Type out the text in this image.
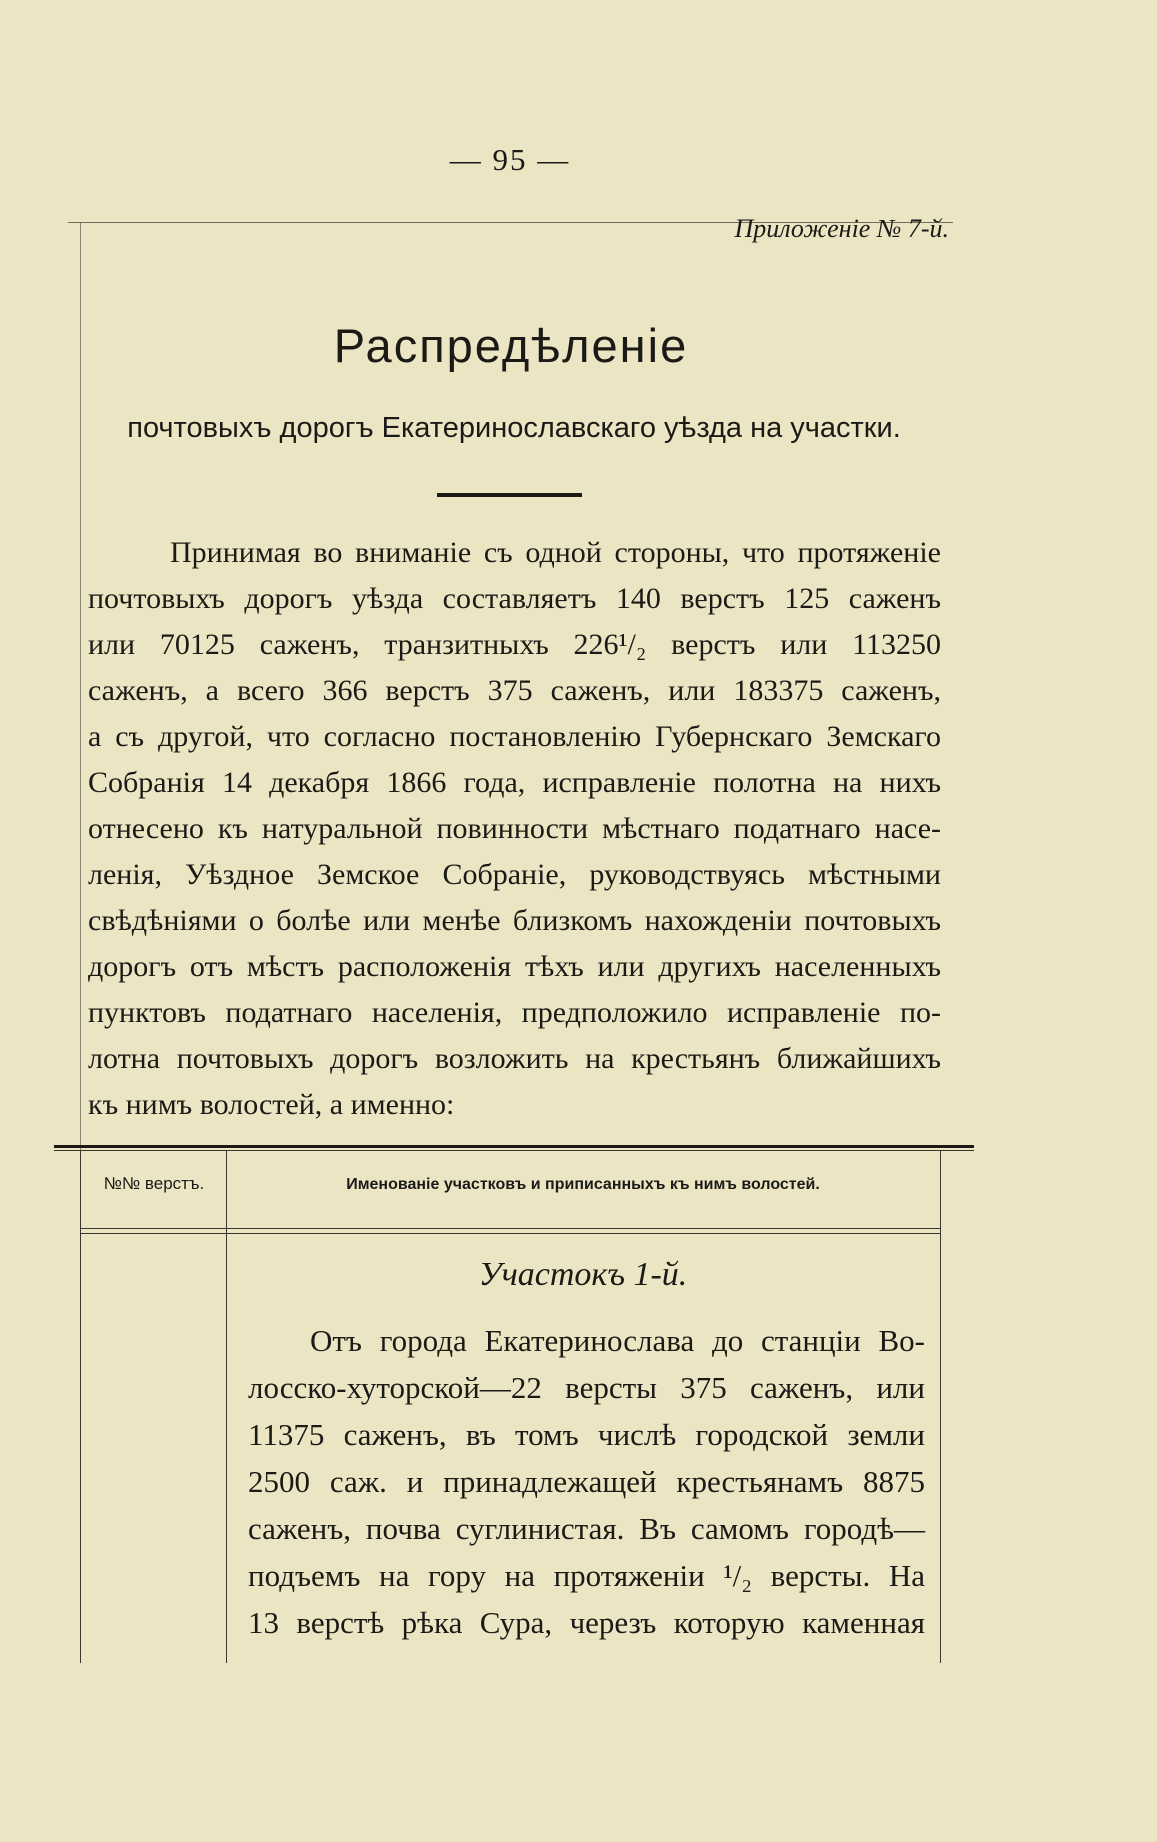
— 95 —
Приложеніе № 7-й.
Распредѣленіе
почтовыхъ дорогъ Екатеринославскаго уѣзда на участки.
Принимая во вниманіе съ одной стороны, что протяженіе
почтовыхъ дорогъ уѣзда составляетъ 140 верстъ 125 саженъ
или 70125 саженъ, транзитныхъ 226¹/₂ верстъ или 113250
саженъ, а всего 366 верстъ 375 саженъ, или 183375 саженъ,
а съ другой, что согласно постановленію Губернскаго Земскаго
Собранія 14 декабря 1866 года, исправленіе полотна на нихъ
отнесено къ натуральной повинности мѣстнаго податнаго насе-
ленія, Уѣздное Земское Собраніе, руководствуясь мѣстными
свѣдѣніями о болѣе или менѣе близкомъ нахожденіи почтовыхъ
дорогъ отъ мѣстъ расположенія тѣхъ или другихъ населенныхъ
пунктовъ податнаго населенія, предположило исправленіе по-
лотна почтовыхъ дорогъ возложить на крестьянъ ближайшихъ
къ нимъ волостей, а именно:
№№ верстъ.	Именованіе участковъ и приписанныхъ къ нимъ волостей.
Участокъ 1-й.
Отъ города Екатеринослава до станціи Во-
лосско-хуторской—22 версты 375 саженъ, или
11375 саженъ, въ томъ числѣ городской земли
2500 саж. и принадлежащей крестьянамъ 8875
саженъ, почва суглинистая. Въ самомъ городѣ—
подъемъ на гору на протяженіи ¹/₂ версты. На
13 верстѣ рѣка Сура, черезъ которую каменная
